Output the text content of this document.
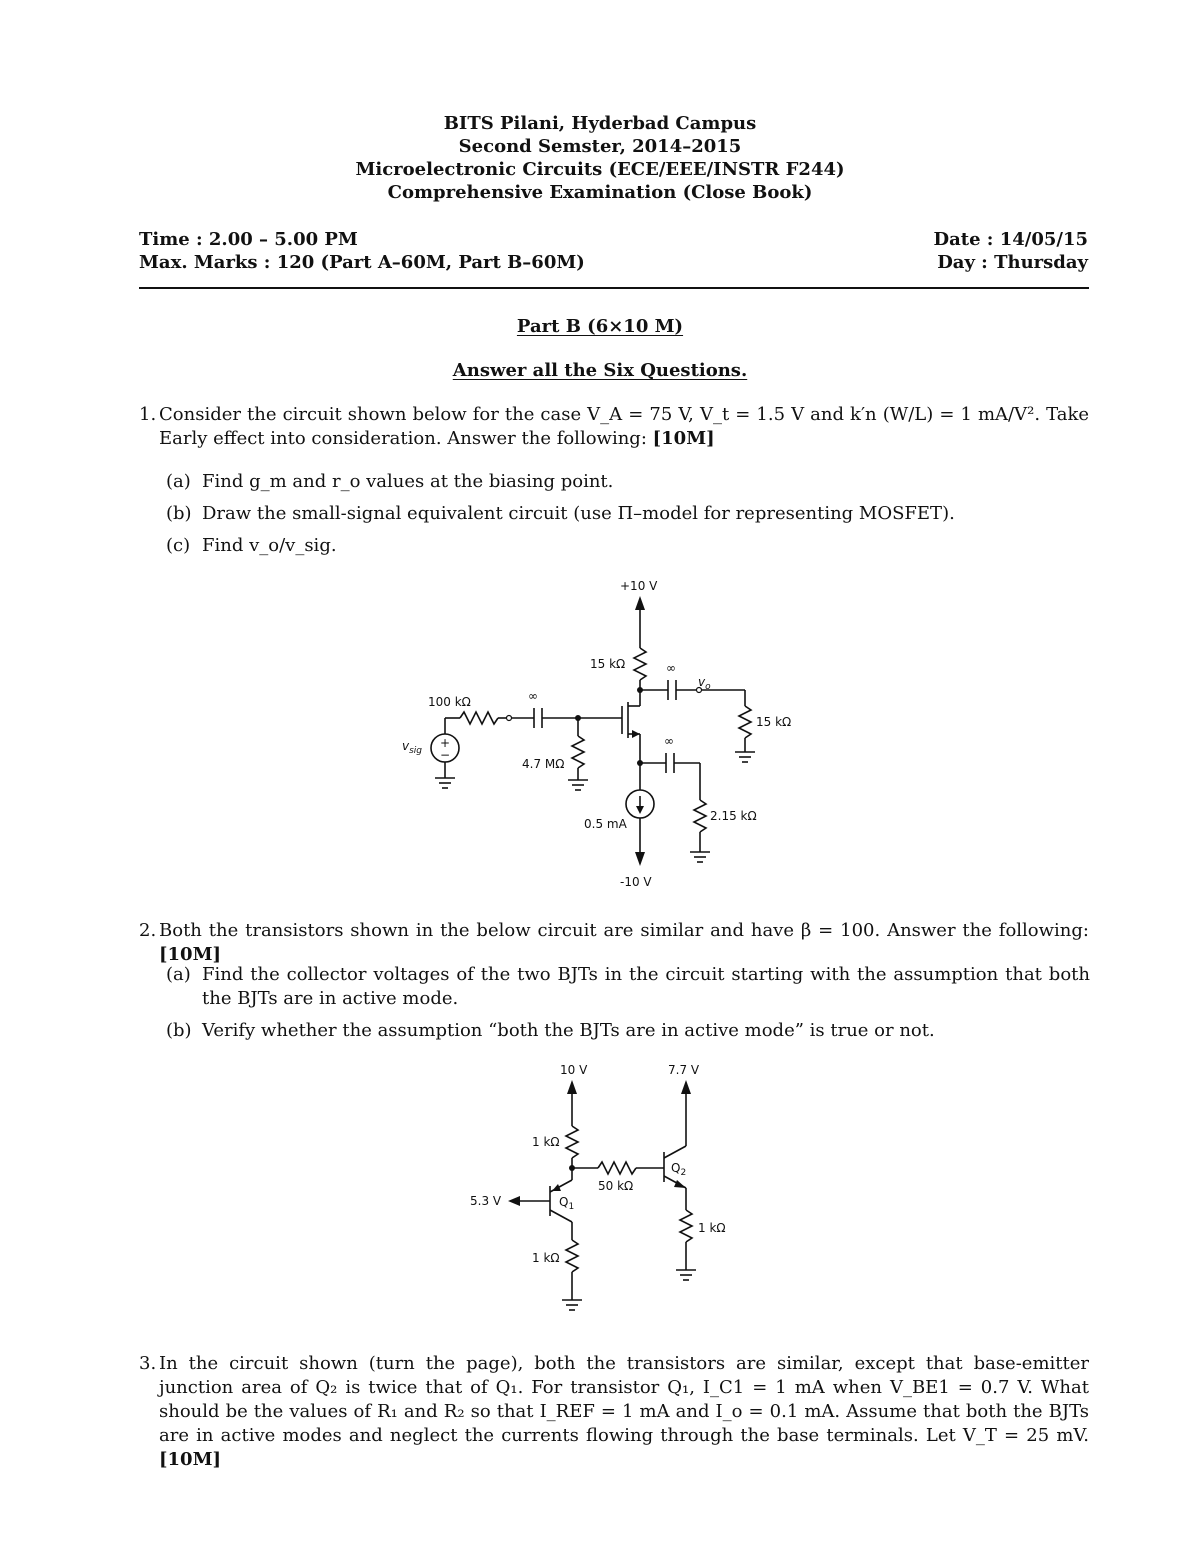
BITS Pilani, Hyderbad Campus
Second Semster, 2014–2015
Microelectronic Circuits (ECE/EEE/INSTR F244)
Comprehensive Examination (Close Book)
Time : 2.00 – 5.00 PM
Max. Marks : 120 (Part A–60M, Part B–60M)
Date : 14/05/15
Day : Thursday
Part B (6×10 M)
Answer all the Six Questions.
1. Consider the circuit shown below for the case V_A = 75 V, V_t = 1.5 V and k′n (W/L) = 1 mA/V². Take Early effect into consideration. Answer the following: [10M]
(a) Find g_m and r_o values at the biasing point.
(b) Draw the small-signal equivalent circuit (use Π–model for representing MOSFET).
(c) Find v_o/v_sig.
+10 V
15 kΩ	∞
$v_o$
15 kΩ
+
−
$v_{sig}$
100 kΩ	∞
4.7 MΩ
∞
2.15 kΩ
0.5 mA
-10 V
2. Both the transistors shown in the below circuit are similar and have β = 100. Answer the following: [10M]
(a) Find the collector voltages of the two BJTs in the circuit starting with the assumption that both the BJTs are in active mode.
(b) Verify whether the assumption “both the BJTs are in active mode” is true or not.
10 V
1 kΩ
$Q_1$
5.3 V
1 kΩ
50 kΩ
7.7 V
$Q_2$
1 kΩ
3. In the circuit shown (turn the page), both the transistors are similar, except that base-emitter junction area of Q₂ is twice that of Q₁. For transistor Q₁, I_C1 = 1 mA when V_BE1 = 0.7 V. What should be the values of R₁ and R₂ so that I_REF = 1 mA and I_o = 0.1 mA. Assume that both the BJTs are in active modes and neglect the currents flowing through the base terminals. Let V_T = 25 mV. [10M]
